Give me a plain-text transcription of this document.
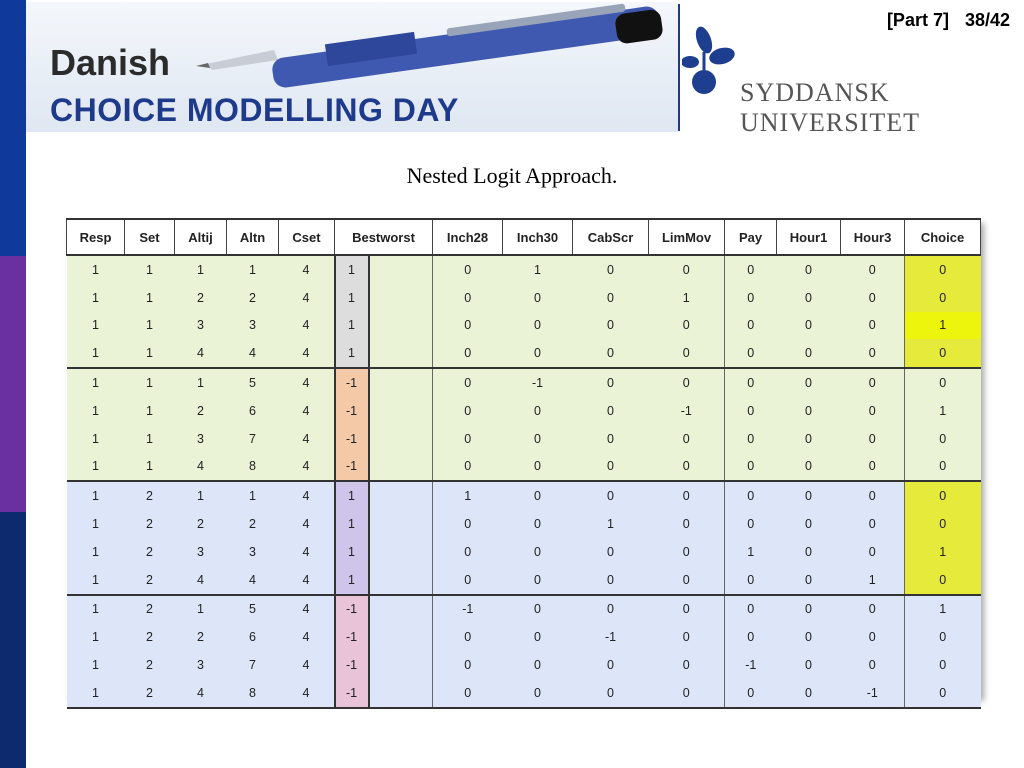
Danish
CHOICE MODELLING DAY	SYDDANSK UNIVERSITET
[Part 7] 38/42
Nested Logit Approach.
Resp	Set	Altij	Altn	Cset	Bestworst		Inch28	Inch30	CabScr	LimMov	Pay	Hour1	Hour3	Choice
1	1	1	1	4	1		0	1	0	0	0	0	0	0
1	1	2	2	4	1		0	0	0	1	0	0	0	0
1	1	3	3	4	1		0	0	0	0	0	0	0	1
1	1	4	4	4	1		0	0	0	0	0	0	0	0
1	1	1	5	4	-1		0	-1	0	0	0	0	0	0
1	1	2	6	4	-1		0	0	0	-1	0	0	0	1
1	1	3	7	4	-1		0	0	0	0	0	0	0	0
1	1	4	8	4	-1		0	0	0	0	0	0	0	0
1	2	1	1	4	1		1	0	0	0	0	0	0	0
1	2	2	2	4	1		0	0	1	0	0	0	0	0
1	2	3	3	4	1		0	0	0	0	1	0	0	1
1	2	4	4	4	1		0	0	0	0	0	0	1	0
1	2	1	5	4	-1		-1	0	0	0	0	0	0	1
1	2	2	6	4	-1		0	0	-1	0	0	0	0	0
1	2	3	7	4	-1		0	0	0	0	-1	0	0	0
1	2	4	8	4	-1		0	0	0	0	0	0	-1	0
